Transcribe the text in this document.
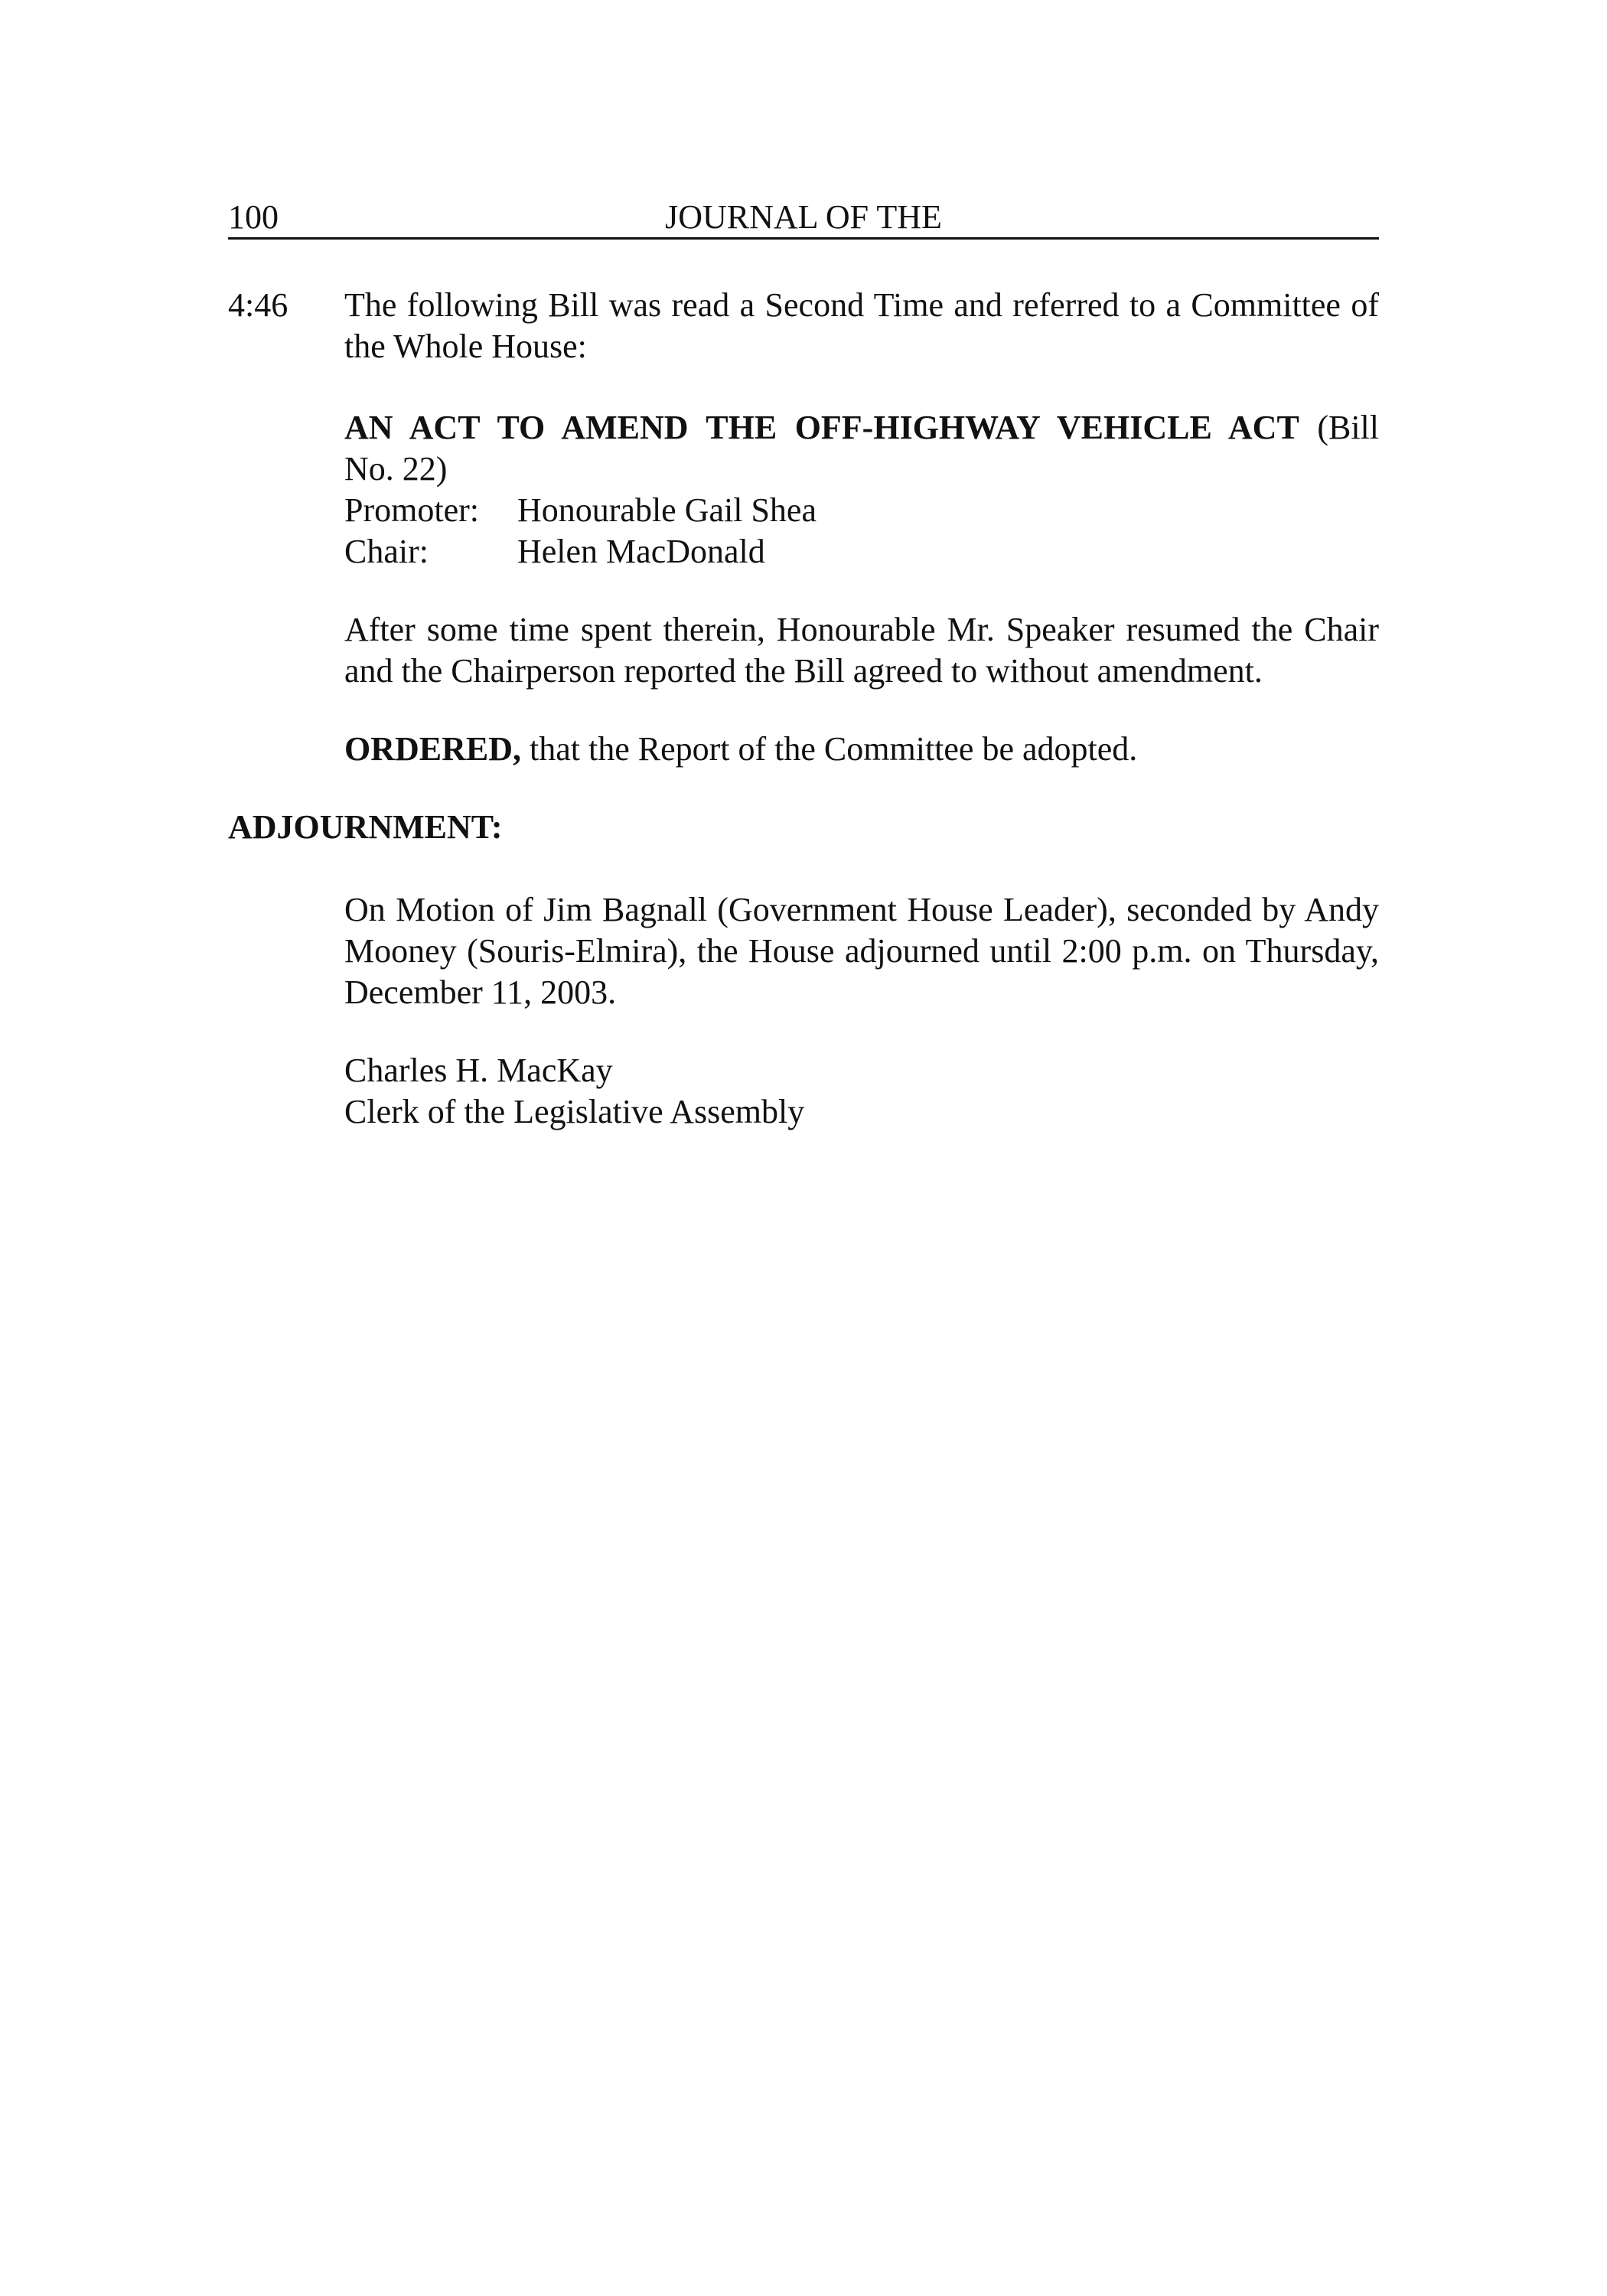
100	JOURNAL OF THE
4:46 The following Bill was read a Second Time and referred to a Committee of the Whole House:

AN ACT TO AMEND THE OFF-HIGHWAY VEHICLE ACT (Bill

No. 22)

Promoter:	Honourable Gail Shea
Chair:	Helen MacDonald

After some time spent therein, Honourable Mr. Speaker resumed the Chair and the Chairperson reported the Bill agreed to without amendment.

ORDERED, that the Report of the Committee be adopted.

ADJOURNMENT:

On Motion of Jim Bagnall (Government House Leader), seconded by Andy Mooney (Souris-Elmira), the House adjourned until 2:00 p.m. on Thursday, December 11, 2003.

Charles H. MacKay

Clerk of the Legislative Assembly
